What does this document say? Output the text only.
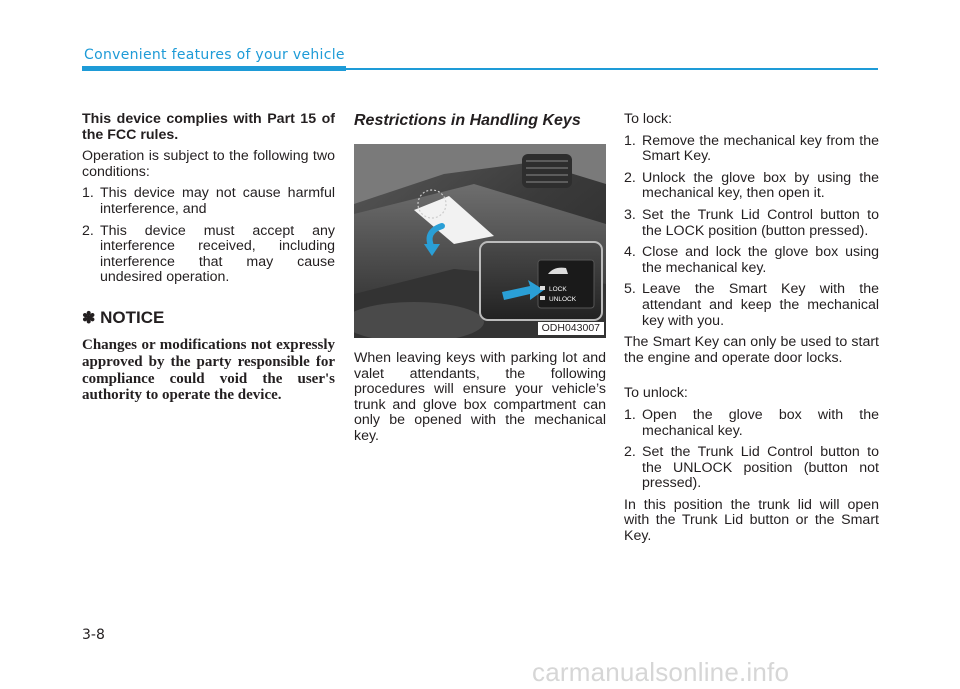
Convenient features of your vehicle

This device complies with Part 15 of the FCC rules.

Operation is subject to the following two conditions:

1. This device may not cause harmful interference, and
2. This device must accept any interference received, including interference that may cause undesired operation.
✽ NOTICE
Changes or modifications not expressly approved by the party responsible for compliance could void the user's authority to operate the device.
Restrictions in Handling Keys
LOCK
UNLOCK
ODH043007

When leaving keys with parking lot and valet attendants, the following procedures will ensure your vehicle’s trunk and glove box compartment can only be opened with the mechanical key.

To lock:

1. Remove the mechanical key from the Smart Key.
2. Unlock the glove box by using the mechanical key, then open it.
3. Set the Trunk Lid Control button to the LOCK position (button pressed).
4. Close and lock the glove box using the mechanical key.
5. Leave the Smart Key with the attendant and keep the mechanical key with you.

The Smart Key can only be used to start the engine and operate door locks.

To unlock:

1. Open the glove box with the mechanical key.
2. Set the Trunk Lid Control button to the UNLOCK position (button not pressed).

In this position the trunk lid will open with the Trunk Lid button or the Smart Key.

3-8
carmanualsonline.info
